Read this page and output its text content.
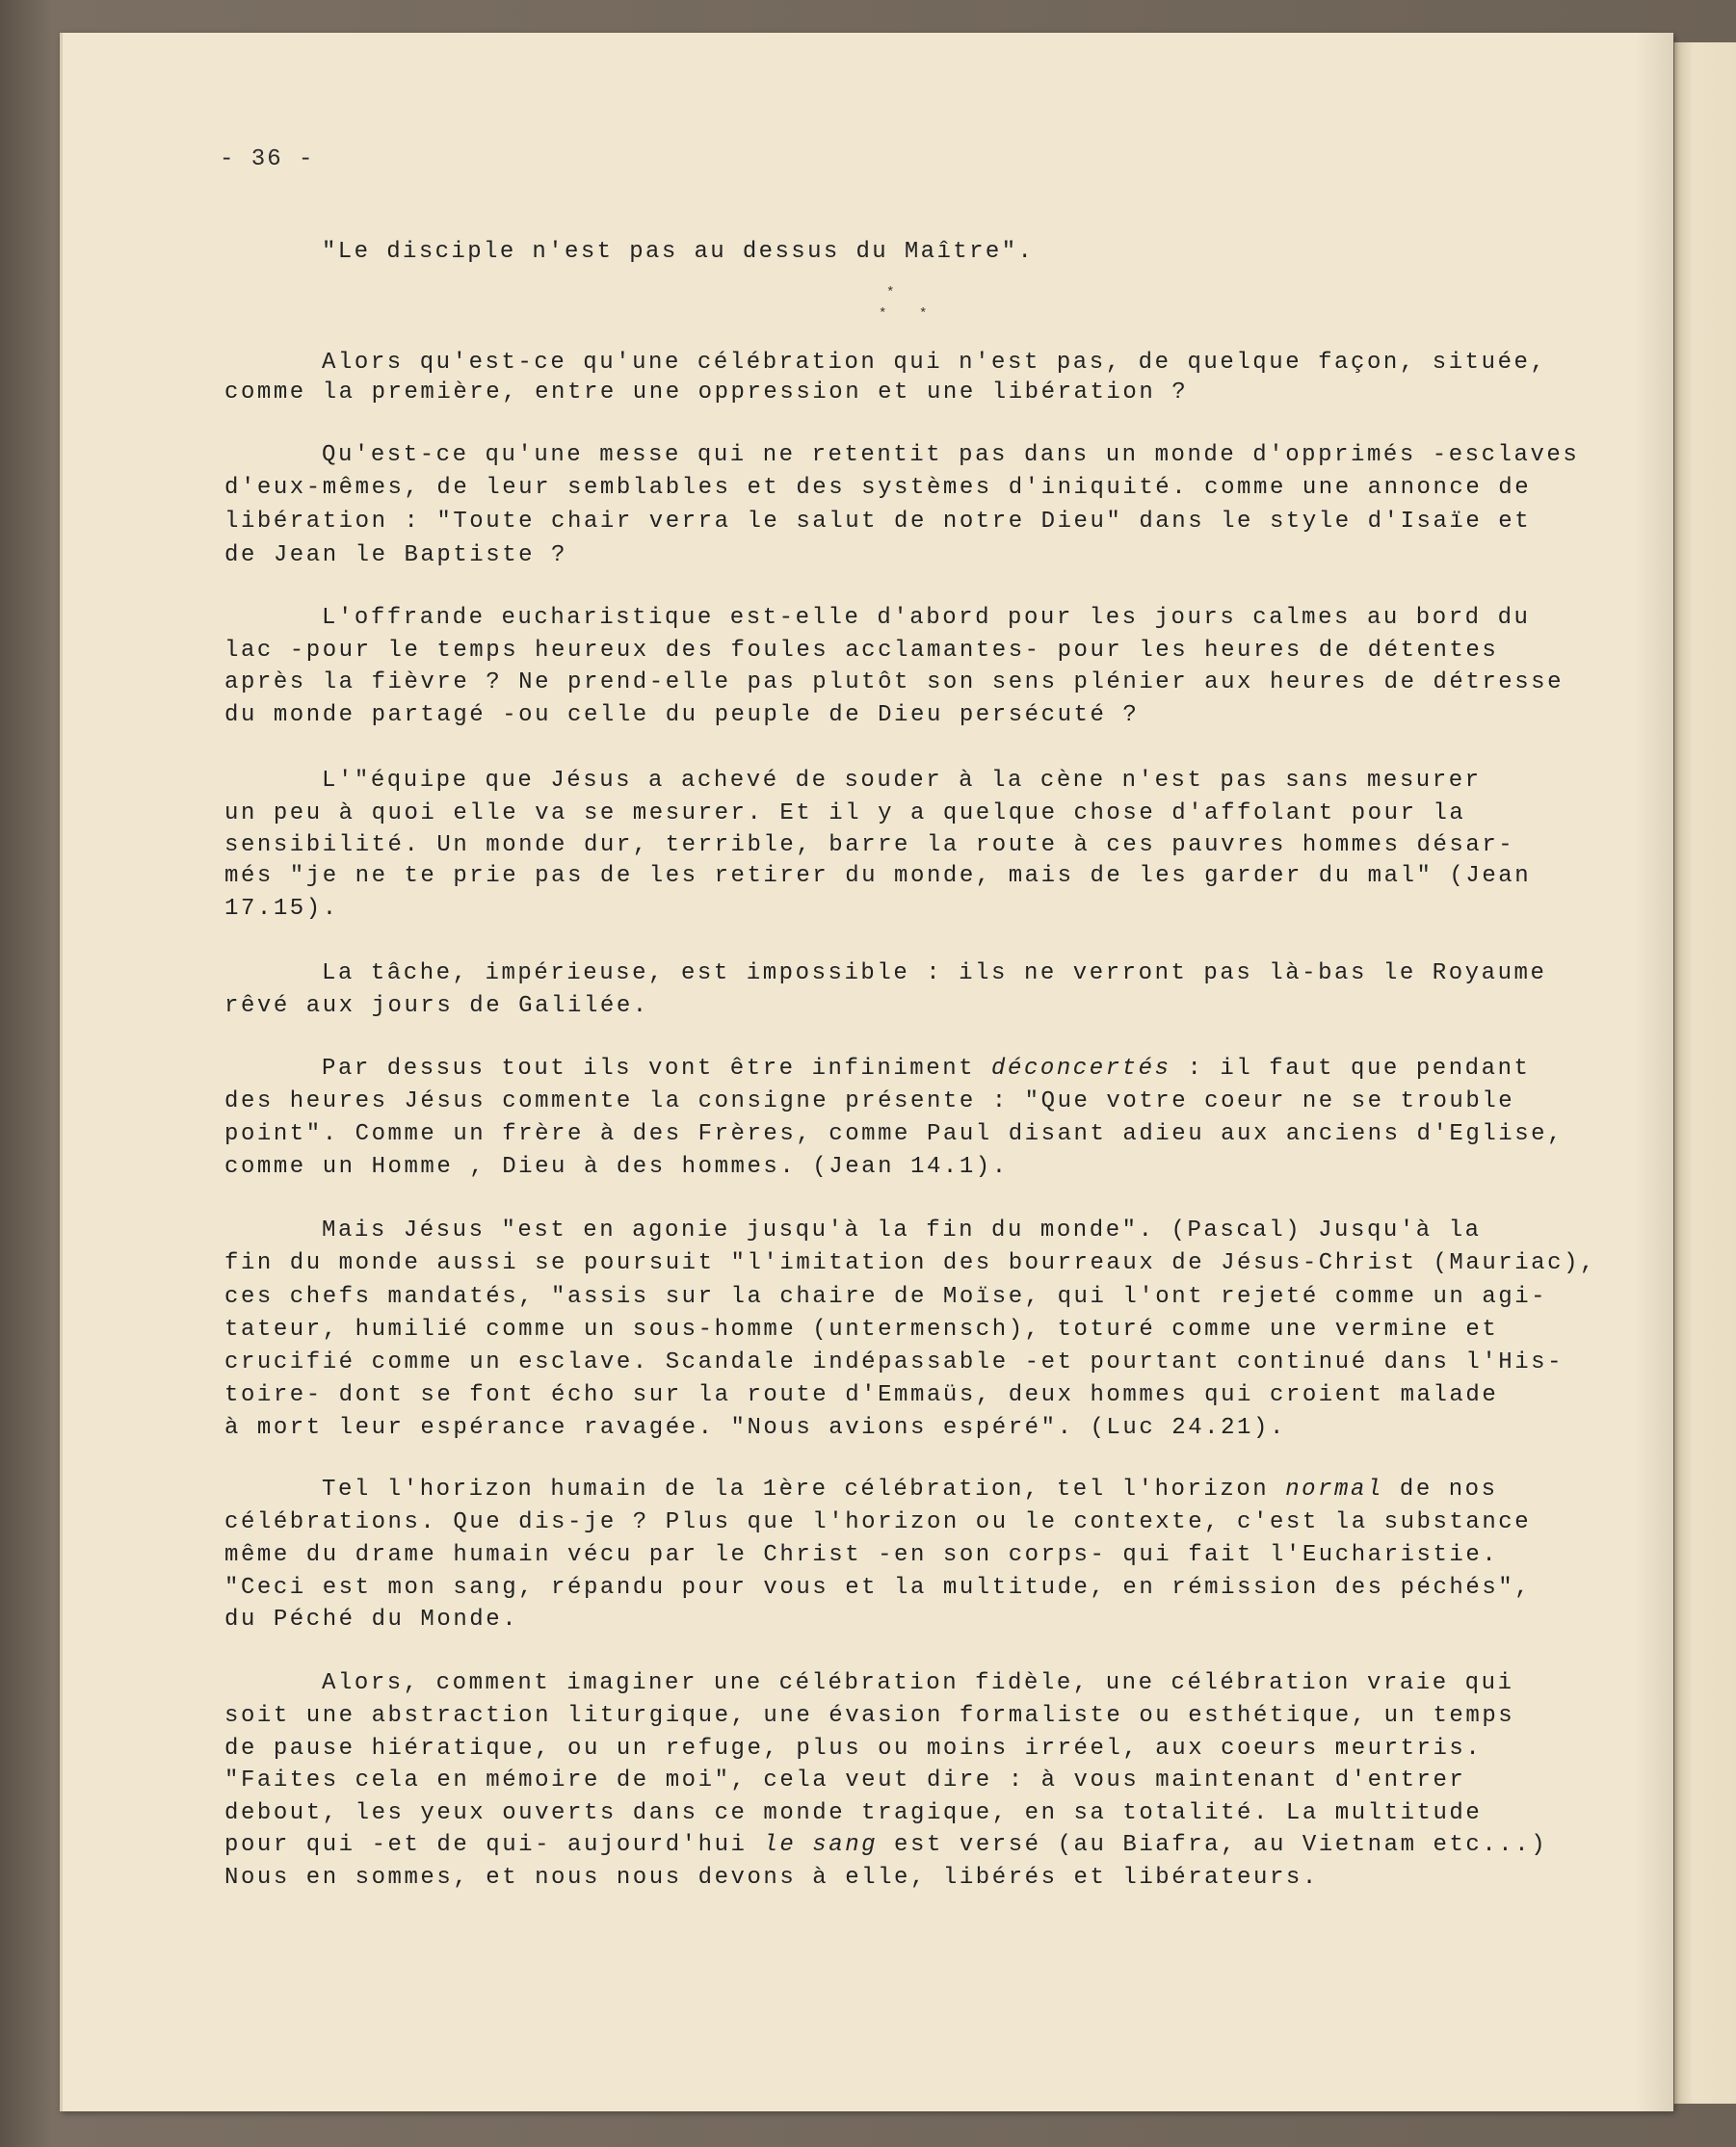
- 36 -
"Le disciple n'est pas au dessus du Maître".
*
* *
Alors qu'est-ce qu'une célébration qui n'est pas, de quelque façon, située,
comme la première, entre une oppression et une libération ?
Qu'est-ce qu'une messe qui ne retentit pas dans un monde d'opprimés -esclaves
d'eux-mêmes, de leur semblables et des systèmes d'iniquité. comme une annonce de
libération : "Toute chair verra le salut de notre Dieu" dans le style d'Isaïe et
de Jean le Baptiste ?
L'offrande eucharistique est-elle d'abord pour les jours calmes au bord du
lac -pour le temps heureux des foules acclamantes- pour les heures de détentes
après la fièvre ? Ne prend-elle pas plutôt son sens plénier aux heures de détresse
du monde partagé -ou celle du peuple de Dieu persécuté ?
L'"équipe que Jésus a achevé de souder à la cène n'est pas sans mesurer
un peu à quoi elle va se mesurer. Et il y a quelque chose d'affolant pour la
sensibilité. Un monde dur, terrible, barre la route à ces pauvres hommes désar-
més "je ne te prie pas de les retirer du monde, mais de les garder du mal" (Jean
17.15).
La tâche, impérieuse, est impossible : ils ne verront pas là-bas le Royaume
rêvé aux jours de Galilée.
Par dessus tout ils vont être infiniment déconcertés : il faut que pendant
des heures Jésus commente la consigne présente : "Que votre coeur ne se trouble
point". Comme un frère à des Frères, comme Paul disant adieu aux anciens d'Eglise,
comme un Homme , Dieu à des hommes. (Jean 14.1).
Mais Jésus "est en agonie jusqu'à la fin du monde". (Pascal) Jusqu'à la
fin du monde aussi se poursuit "l'imitation des bourreaux de Jésus-Christ (Mauriac),
ces chefs mandatés, "assis sur la chaire de Moïse, qui l'ont rejeté comme un agi-
tateur, humilié comme un sous-homme (untermensch), toturé comme une vermine et
crucifié comme un esclave. Scandale indépassable -et pourtant continué dans l'His-
toire- dont se font écho sur la route d'Emmaüs, deux hommes qui croient malade
à mort leur espérance ravagée. "Nous avions espéré". (Luc 24.21).
Tel l'horizon humain de la 1ère célébration, tel l'horizon normal de nos
célébrations. Que dis-je ? Plus que l'horizon ou le contexte, c'est la substance
même du drame humain vécu par le Christ -en son corps- qui fait l'Eucharistie.
"Ceci est mon sang, répandu pour vous et la multitude, en rémission des péchés",
du Péché du Monde.
Alors, comment imaginer une célébration fidèle, une célébration vraie qui
soit une abstraction liturgique, une évasion formaliste ou esthétique, un temps
de pause hiératique, ou un refuge, plus ou moins irréel, aux coeurs meurtris.
"Faites cela en mémoire de moi", cela veut dire : à vous maintenant d'entrer
debout, les yeux ouverts dans ce monde tragique, en sa totalité. La multitude
pour qui -et de qui- aujourd'hui le sang est versé (au Biafra, au Vietnam etc...)
Nous en sommes, et nous nous devons à elle, libérés et libérateurs.
